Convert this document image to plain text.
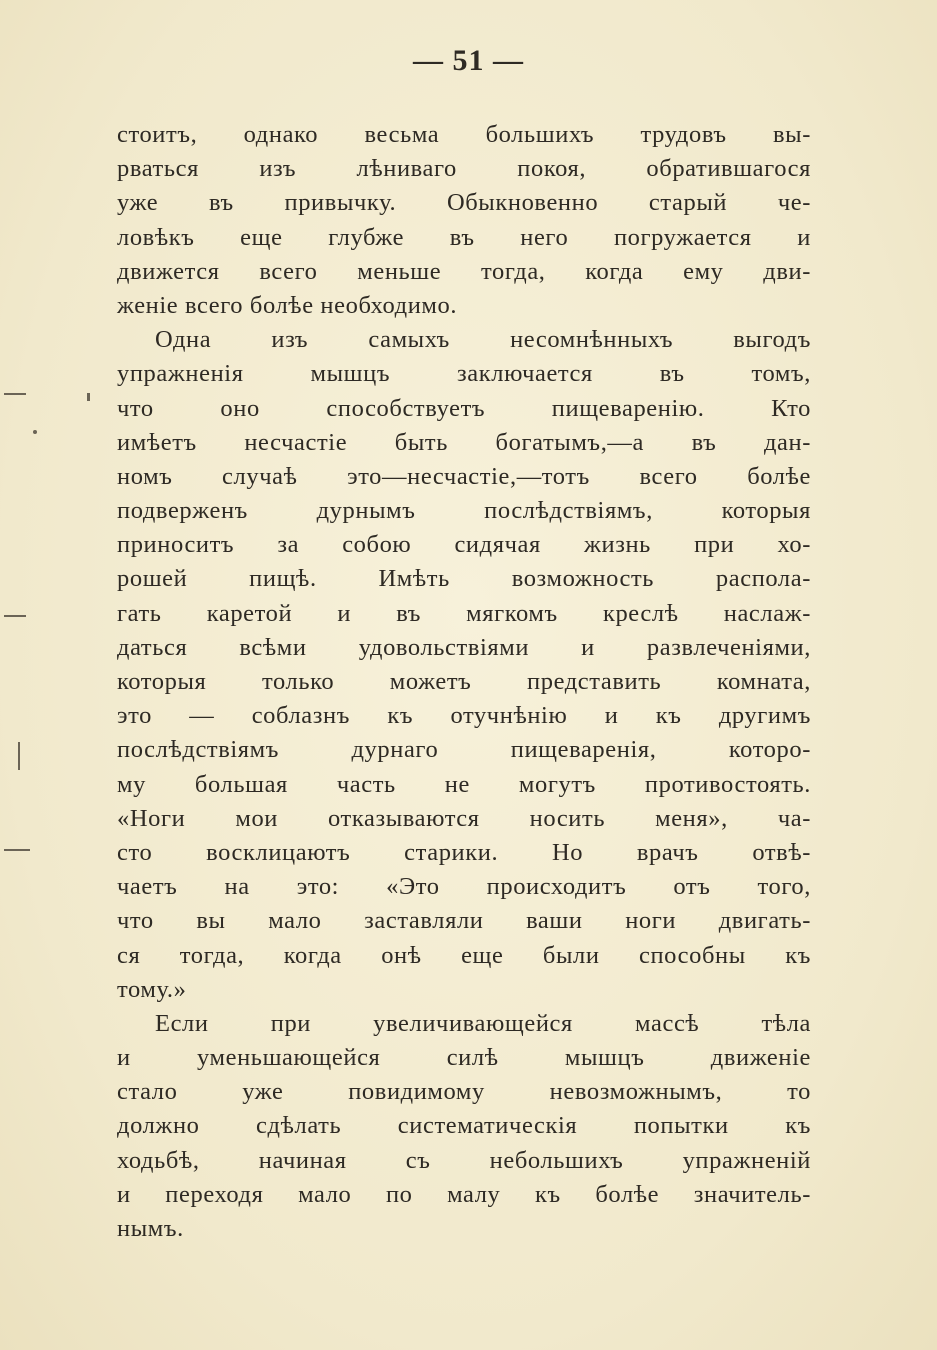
— 51 —
стоитъ, однако весьма большихъ трудовъ вы-
рваться изъ лѣниваго покоя, обратившагося
уже въ привычку. Обыкновенно старый че-
ловѣкъ еще глубже въ него погружается и
движется всего меньше тогда, когда ему дви-
женіе всего болѣе необходимо.
Одна изъ самыхъ несомнѣнныхъ выгодъ
упражненія мышцъ заключается въ томъ,
что оно способствуетъ пищеваренію. Кто
имѣетъ несчастіе быть богатымъ,—а въ дан-
номъ случаѣ это—несчастіе,—тотъ всего болѣе
подверженъ дурнымъ послѣдствіямъ, которыя
приноситъ за собою сидячая жизнь при хо-
рошей пищѣ. Имѣть возможность распола-
гать каретой и въ мягкомъ креслѣ наслаж-
даться всѣми удовольствіями и развлеченіями,
которыя только можетъ представить комната,
это — соблазнъ къ отучнѣнію и къ другимъ
послѣдствіямъ дурнаго пищеваренія, которо-
му большая часть не могутъ противостоять.
«Ноги мои отказываются носить меня», ча-
сто восклицаютъ старики. Но врачъ отвѣ-
чаетъ на это: «Это происходитъ отъ того,
что вы мало заставляли ваши ноги двигать-
ся тогда, когда онѣ еще были способны къ
тому.»
Если при увеличивающейся массѣ тѣла
и уменьшающейся силѣ мышцъ движеніе
стало уже повидимому невозможнымъ, то
должно сдѣлать систематическія попытки къ
ходьбѣ, начиная съ небольшихъ упражненій
и переходя мало по малу къ болѣе значитель-
нымъ.
